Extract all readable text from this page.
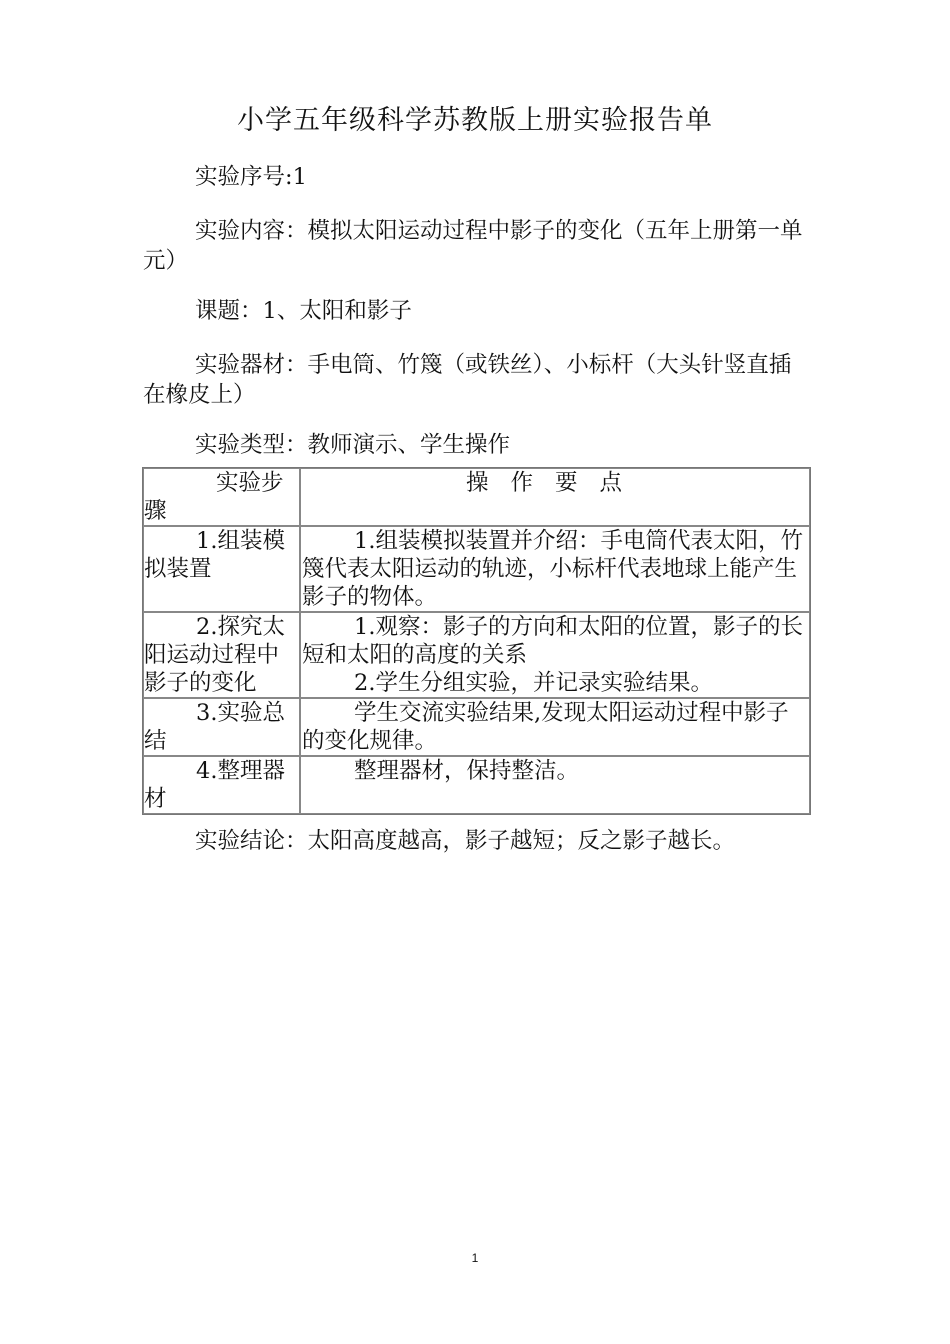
小学五年级科学苏教版上册实验报告单

实验序号:1

实验内容：模拟太阳运动过程中影子的变化（五年上册第一单元）

课题：1、太阳和影子

实验器材：手电筒、竹篾（或铁丝）、小标杆（大头针竖直插在橡皮上）

实验类型：教师演示、学生操作

实验步骤	操作要点
1.组装模拟装置	1.组装模拟装置并介绍：手电筒代表太阳，竹篾代表太阳运动的轨迹，小标杆代表地球上能产生影子的物体。

2.探究太阳运动过程中影子的变化	1.观察：影子的方向和太阳的位置，影子的长短和太阳的高度的关系
2.学生分组实验，并记录实验结果。

3.实验总结	学生交流实验结果,发现太阳运动过程中影子的变化规律。

4.整理器材	整理器材，保持整洁。

实验结论：太阳高度越高，影子越短；反之影子越长。

1
